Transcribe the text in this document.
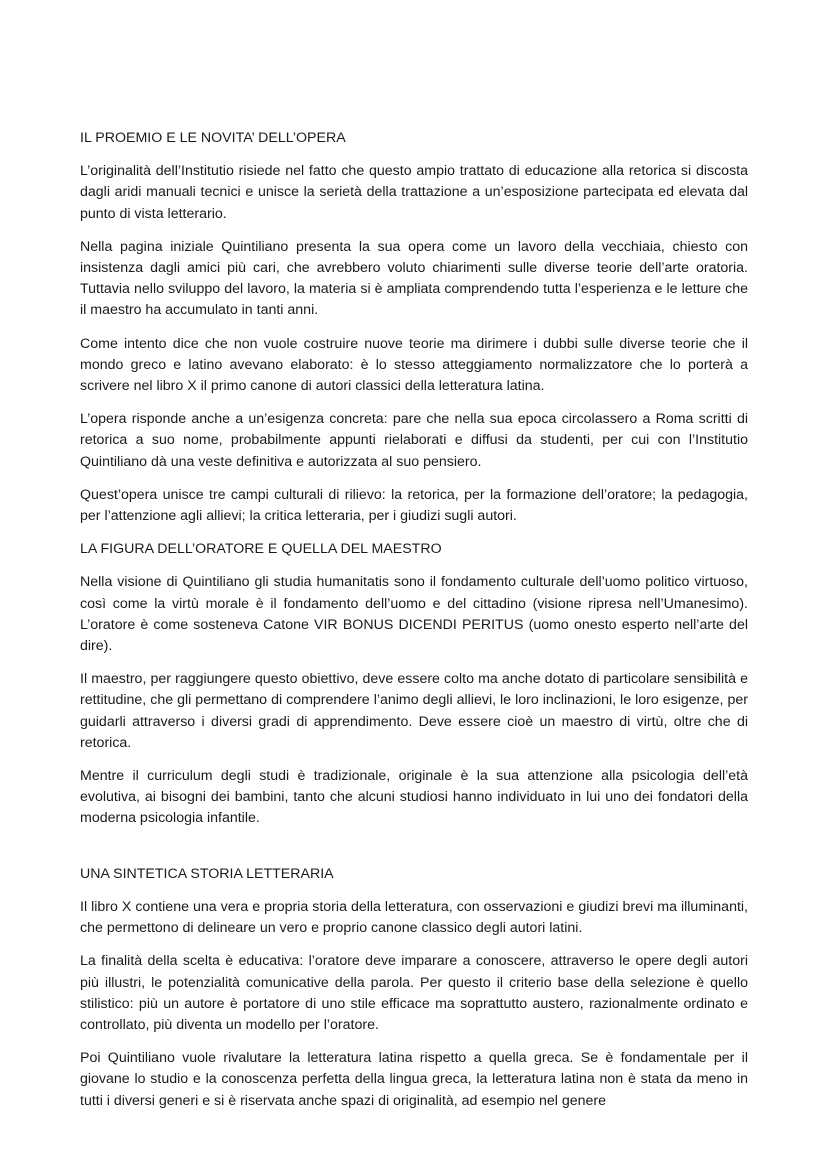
IL PROEMIO E LE NOVITA’ DELL’OPERA

L’originalità dell’Institutio risiede nel fatto che questo ampio trattato di educazione alla retorica si discosta dagli aridi manuali tecnici e unisce la serietà della trattazione a un’esposizione partecipata ed elevata dal punto di vista letterario.

Nella pagina iniziale Quintiliano presenta la sua opera come un lavoro della vecchiaia, chiesto con insistenza dagli amici più cari, che avrebbero voluto chiarimenti sulle diverse teorie dell’arte oratoria. Tuttavia nello sviluppo del lavoro, la materia si è ampliata comprendendo tutta l’esperienza e le letture che il maestro ha accumulato in tanti anni.

Come intento dice che non vuole costruire nuove teorie ma dirimere i dubbi sulle diverse teorie che il mondo greco e latino avevano elaborato: è lo stesso atteggiamento normalizzatore che lo porterà a scrivere nel libro X il primo canone di autori classici della letteratura latina.

L’opera risponde anche a un’esigenza concreta: pare che nella sua epoca circolassero a Roma scritti di retorica a suo nome, probabilmente appunti rielaborati e diffusi da studenti, per cui con l’Institutio Quintiliano dà una veste definitiva e autorizzata al suo pensiero.

Quest’opera unisce tre campi culturali di rilievo: la retorica, per la formazione dell’oratore; la pedagogia, per l’attenzione agli allievi; la critica letteraria, per i giudizi sugli autori.

LA FIGURA DELL’ORATORE E QUELLA DEL MAESTRO

Nella visione di Quintiliano gli studia humanitatis sono il fondamento culturale dell’uomo politico virtuoso, così come la virtù morale è il fondamento dell’uomo e del cittadino (visione ripresa nell’Umanesimo). L’oratore è come sosteneva Catone VIR BONUS DICENDI PERITUS (uomo onesto esperto nell’arte del dire).

Il maestro, per raggiungere questo obiettivo, deve essere colto ma anche dotato di particolare sensibilità e rettitudine, che gli permettano di comprendere l’animo degli allievi, le loro inclinazioni, le loro esigenze, per guidarli attraverso i diversi gradi di apprendimento. Deve essere cioè un maestro di virtù, oltre che di retorica.

Mentre il curriculum degli studi è tradizionale, originale è la sua attenzione alla psicologia dell’età evolutiva, ai bisogni dei bambini, tanto che alcuni studiosi hanno individuato in lui uno dei fondatori della moderna psicologia infantile.

UNA SINTETICA STORIA LETTERARIA

Il libro X contiene una vera e propria storia della letteratura, con osservazioni e giudizi brevi ma illuminanti, che permettono di delineare un vero e proprio canone classico degli autori latini.

La finalità della scelta è educativa: l’oratore deve imparare a conoscere, attraverso le opere degli autori più illustri, le potenzialità comunicative della parola. Per questo il criterio base della selezione è quello stilistico: più un autore è portatore di uno stile efficace ma soprattutto austero, razionalmente ordinato e controllato, più diventa un modello per l’oratore.

Poi Quintiliano vuole rivalutare la letteratura latina rispetto a quella greca. Se è fondamentale per il giovane lo studio e la conoscenza perfetta della lingua greca, la letteratura latina non è stata da meno in tutti i diversi generi e si è riservata anche spazi di originalità, ad esempio nel genere
